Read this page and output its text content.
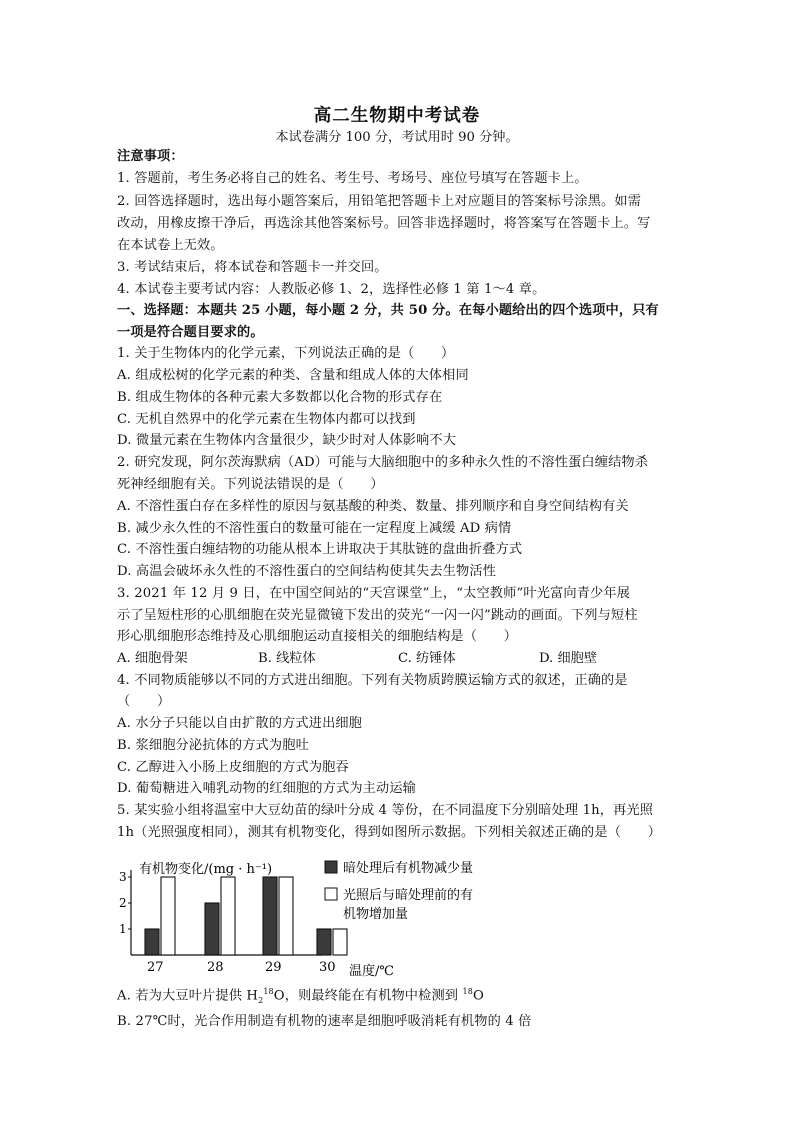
高二生物期中考试卷
本试卷满分 100 分，考试用时 90 分钟。
注意事项：
1. 答题前，考生务必将自己的姓名、考生号、考场号、座位号填写在答题卡上。
2. 回答选择题时，选出每小题答案后，用铅笔把答题卡上对应题目的答案标号涂黑。如需
改动，用橡皮擦干净后，再选涂其他答案标号。回答非选择题时，将答案写在答题卡上。写
在本试卷上无效。
3. 考试结束后，将本试卷和答题卡一并交回。
4. 本试卷主要考试内容：人教版必修 1、2，选择性必修 1 第 1～4 章。
一、选择题：本题共 25 小题，每小题 2 分，共 50 分。在每小题给出的四个选项中，只有
一项是符合题目要求的。
1. 关于生物体内的化学元素，下列说法正确的是（　　）
A. 组成松树的化学元素的种类、含量和组成人体的大体相同
B. 组成生物体的各种元素大多数都以化合物的形式存在
C. 无机自然界中的化学元素在生物体内都可以找到
D. 微量元素在生物体内含量很少，缺少时对人体影响不大
2. 研究发现，阿尔茨海默病（AD）可能与大脑细胞中的多种永久性的不溶性蛋白缠结物杀
死神经细胞有关。下列说法错误的是（　　）
A. 不溶性蛋白存在多样性的原因与氨基酸的种类、数量、排列顺序和自身空间结构有关
B. 减少永久性的不溶性蛋白的数量可能在一定程度上减缓 AD 病情
C. 不溶性蛋白缠结物的功能从根本上讲取决于其肽链的盘曲折叠方式
D. 高温会破坏永久性的不溶性蛋白的空间结构使其失去生物活性
3. 2021 年 12 月 9 日，在中国空间站的“天宫课堂”上，“太空教师”叶光富向青少年展
示了呈短柱形的心肌细胞在荧光显微镜下发出的荧光“一闪一闪”跳动的画面。下列与短柱
形心肌细胞形态维持及心肌细胞运动直接相关的细胞结构是（　　）
A. 细胞骨架	B. 线粒体	C. 纺锤体	D. 细胞壁
4. 不同物质能够以不同的方式进出细胞。下列有关物质跨膜运输方式的叙述，正确的是
（　　）
A. 水分子只能以自由扩散的方式进出细胞
B. 浆细胞分泌抗体的方式为胞吐
C. 乙醇进入小肠上皮细胞的方式为胞吞
D. 葡萄糖进入哺乳动物的红细胞的方式为主动运输
5. 某实验小组将温室中大豆幼苗的绿叶分成 4 等份，在不同温度下分别暗处理 1h，再光照
1h（光照强度相同），测其有机物变化，得到如图所示数据。下列相关叙述正确的是（　　）
有机物变化/(mg · h⁻¹)
温度/℃
1
2
3
27	28	29	30
暗处理后有机物减少量
光照后与暗处理前的有
机物增加量
A. 若为大豆叶片提供 $H_2^{18}O$，则最终能在有机物中检测到 $^{18}$O
B. 27℃时，光合作用制造有机物的速率是细胞呼吸消耗有机物的 4 倍
